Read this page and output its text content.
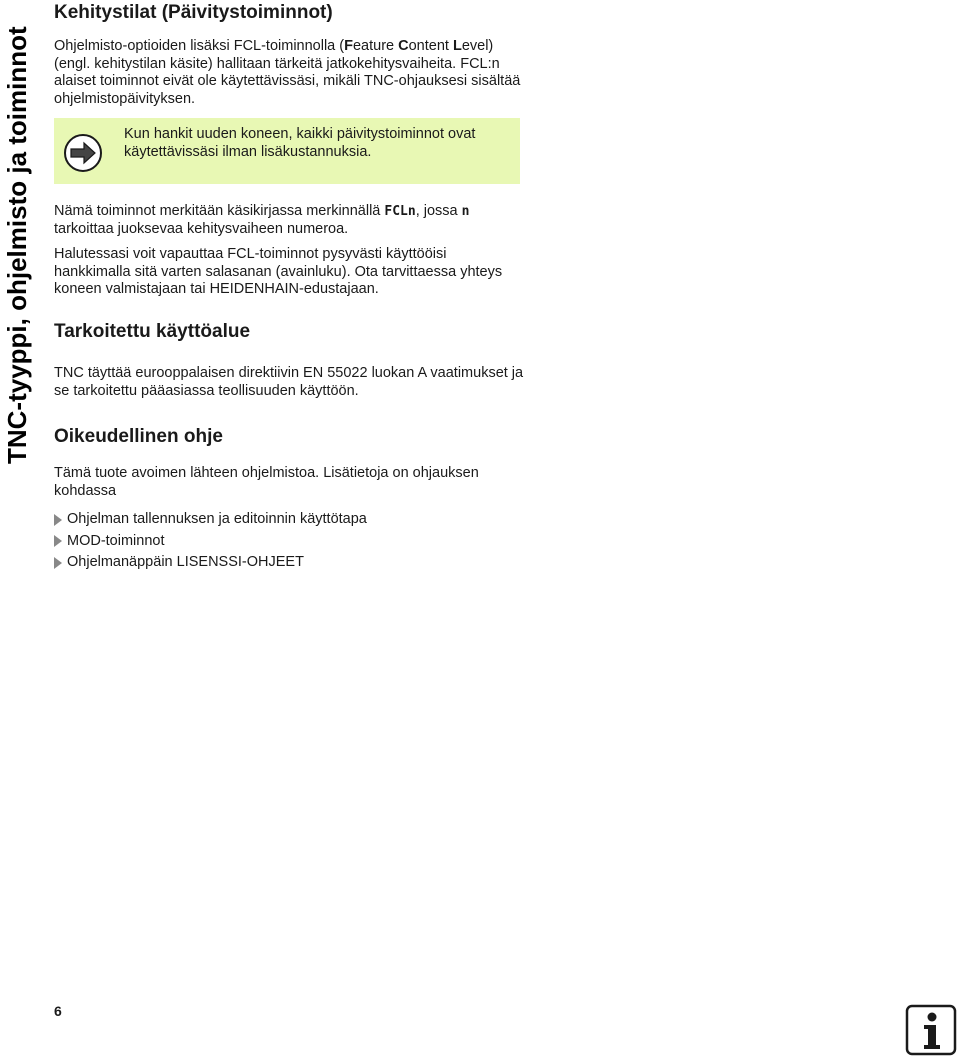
TNC-tyyppi, ohjelmisto ja toiminnot
Kehitystilat (Päivitystoiminnot)

Ohjelmisto-optioiden lisäksi FCL-toiminnolla (Feature Content Level)
(engl. kehitystilan käsite) hallitaan tärkeitä jatkokehitysvaiheita. FCL:n alaiset toiminnot eivät ole käytettävissäsi, mikäli TNC-ohjauksesi sisältää ohjelmistopäivityksen.

Kun hankit uuden koneen, kaikki päivitystoiminnot ovat käytettävissäsi ilman lisäkustannuksia.

Nämä toiminnot merkitään käsikirjassa merkinnällä FCLn, jossa n tarkoittaa juoksevaa kehitysvaiheen numeroa.

Halutessasi voit vapauttaa FCL-toiminnot pysyvästi käyttööisi hankkimalla sitä varten salasanan (avainluku). Ota tarvittaessa yhteys koneen valmistajaan tai HEIDENHAIN-edustajaan.

Tarkoitettu käyttöalue

TNC täyttää eurooppalaisen direktiivin EN 55022 luokan A vaatimukset ja se tarkoitettu pääasiassa teollisuuden käyttöön.

Oikeudellinen ohje

Tämä tuote avoimen lähteen ohjelmistoa. Lisätietoja on ohjauksen kohdassa

Ohjelman tallennuksen ja editoinnin käyttötapa
MOD-toiminnot
Ohjelmanäppäin LISENSSI-OHJEET
6
